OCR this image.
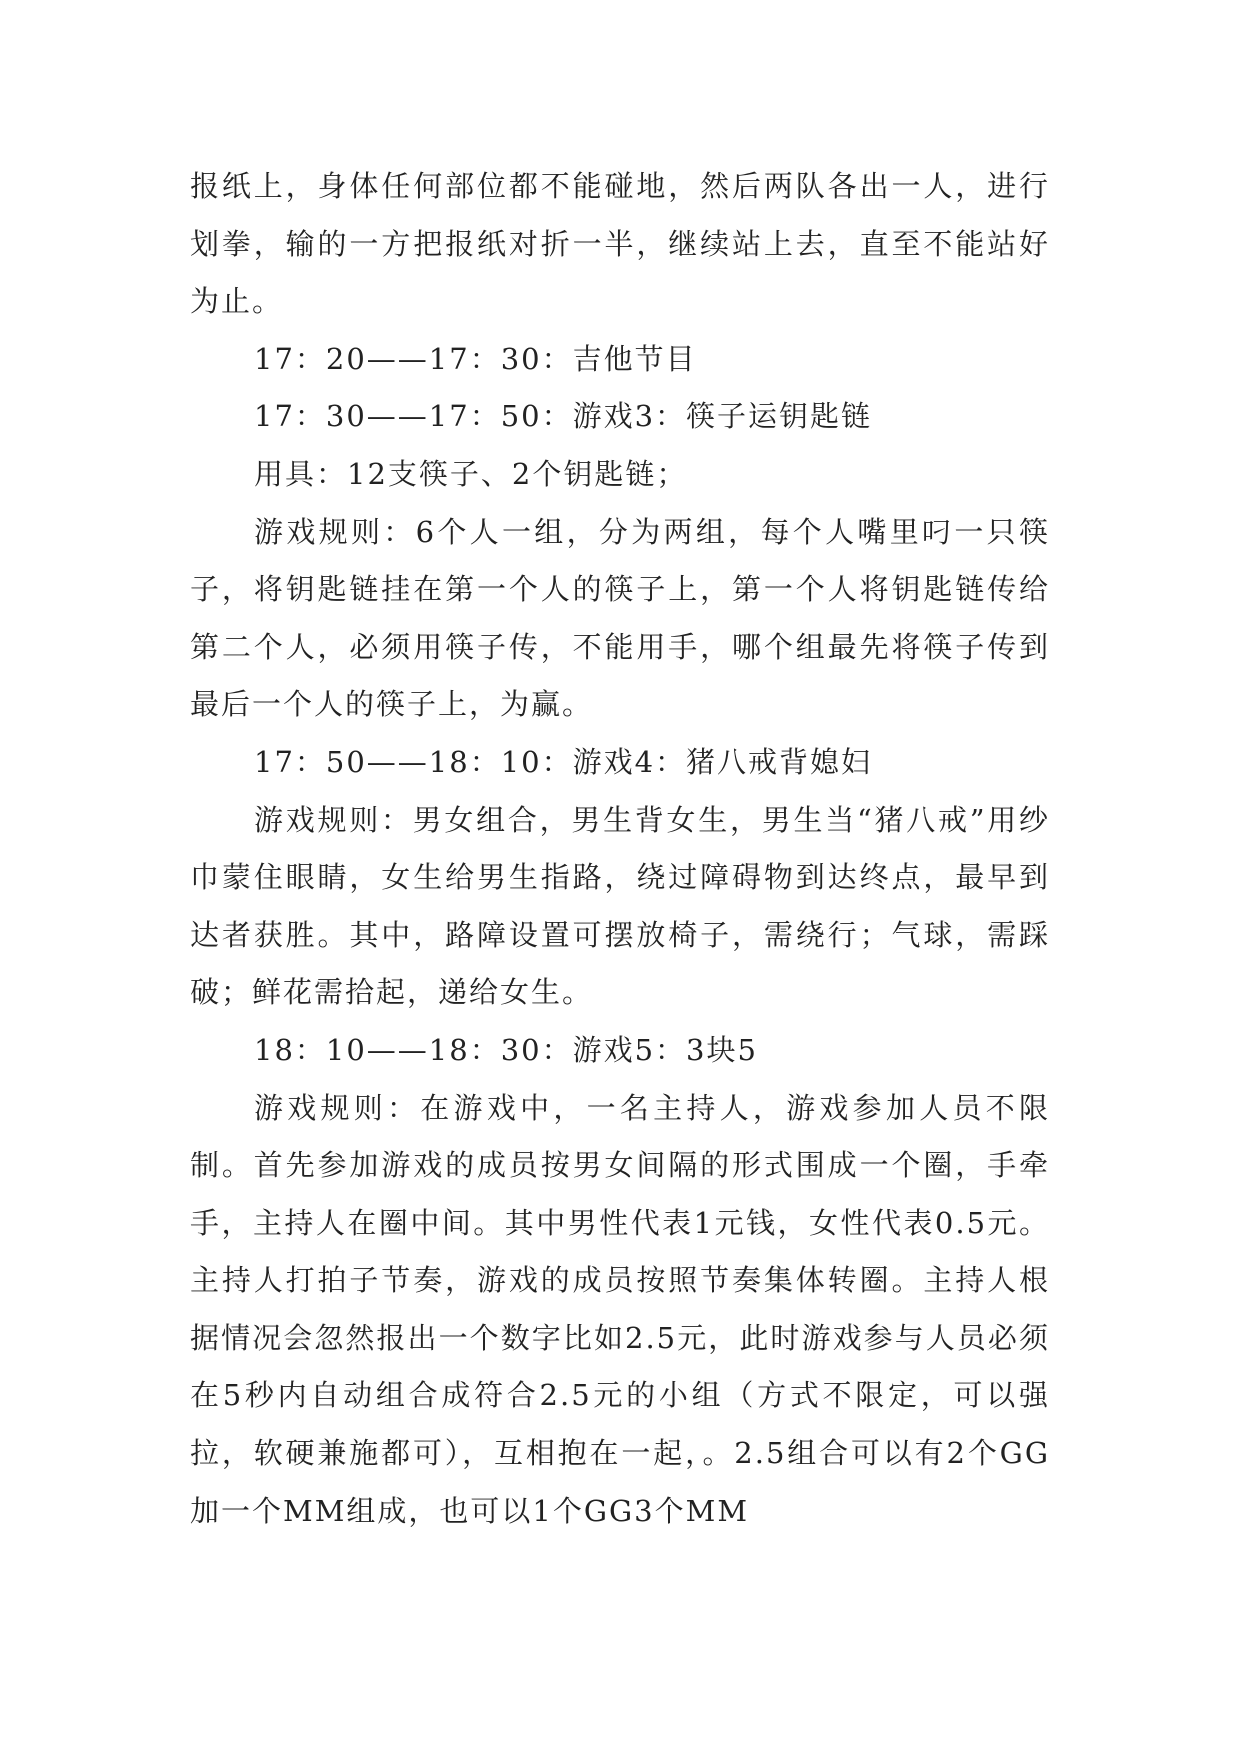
报纸上，身体任何部位都不能碰地，然后两队各出一人，进行划拳，输的一方把报纸对折一半，继续站上去，直至不能站好为止。

17：20——17：30：吉他节目

17：30——17：50：游戏3：筷子运钥匙链

用具：12支筷子、2个钥匙链；

游戏规则：6个人一组，分为两组，每个人嘴里叼一只筷子，将钥匙链挂在第一个人的筷子上，第一个人将钥匙链传给第二个人，必须用筷子传，不能用手，哪个组最先将筷子传到最后一个人的筷子上，为赢。

17：50——18：10：游戏4：猪八戒背媳妇

游戏规则：男女组合，男生背女生，男生当“猪八戒”用纱巾蒙住眼睛，女生给男生指路，绕过障碍物到达终点，最早到达者获胜。其中，路障设置可摆放椅子，需绕行；气球，需踩破；鲜花需拾起，递给女生。

18：10——18：30：游戏5：3块5

游戏规则：在游戏中，一名主持人，游戏参加人员不限制。首先参加游戏的成员按男女间隔的形式围成一个圈，手牵手，主持人在圈中间。其中男性代表1元钱，女性代表0.5元。主持人打拍子节奏，游戏的成员按照节奏集体转圈。主持人根据情况会忽然报出一个数字比如2.5元，此时游戏参与人员必须在5秒内自动组合成符合2.5元的小组（方式不限定，可以强拉，软硬兼施都可），互相抱在一起，。2.5组合可以有2个GG加一个MM组成，也可以1个GG3个MM
